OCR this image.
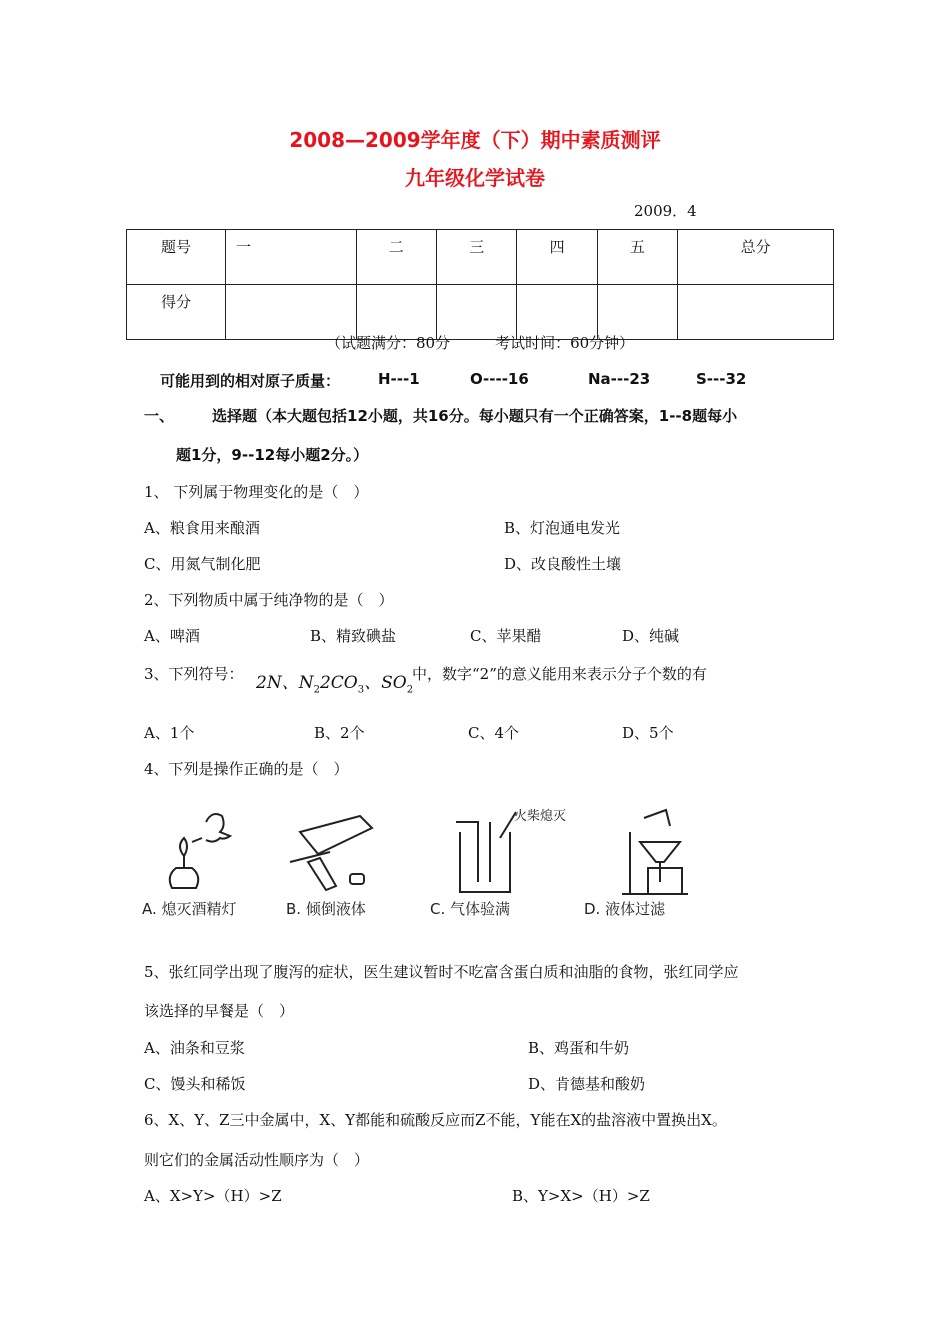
2008—2009学年度（下）期中素质测评
九年级化学试卷
2009．4
题号	一	二	三	四	五	总分
得分						
（试题满分：80分　　　考试时间：60分钟）
可能用到的相对原子质量：	H---1	O----16	Na---23	S---32
一、	选择题（本大题包括12小题，共16分。每小题只有一个正确答案，1--8题每小
题1分，9--12每小题2分。）
1、 下列属于物理变化的是（　）
A、粮食用来酿酒	B、灯泡通电发光
C、用氮气制化肥	D、改良酸性土壤
2、下列物质中属于纯净物的是（　）
A、啤酒	B、精致碘盐	C、苹果醋	D、纯碱
3、下列符号： 2N、$N_22CO_3$、$SO_2$
中，数字“2”的意义能用来表示分子个数的有
A、1个	B、2个	C、4个	D、5个
4、下列是操作正确的是（　）
火柴熄灭
A. 熄灭酒精灯	B. 倾倒液体	C. 气体验满	D. 液体过滤
5、张红同学出现了腹泻的症状，医生建议暂时不吃富含蛋白质和油脂的食物，张红同学应
该选择的早餐是（　）
A、油条和豆浆	B、鸡蛋和牛奶
C、馒头和稀饭	D、肯德基和酸奶
6、X、Y、Z三中金属中，X、Y都能和硫酸反应而Z不能，Y能在X的盐溶液中置换出X。
则它们的金属活动性顺序为（　）
A、X>Y>（H）>Z	B、Y>X>（H）>Z
